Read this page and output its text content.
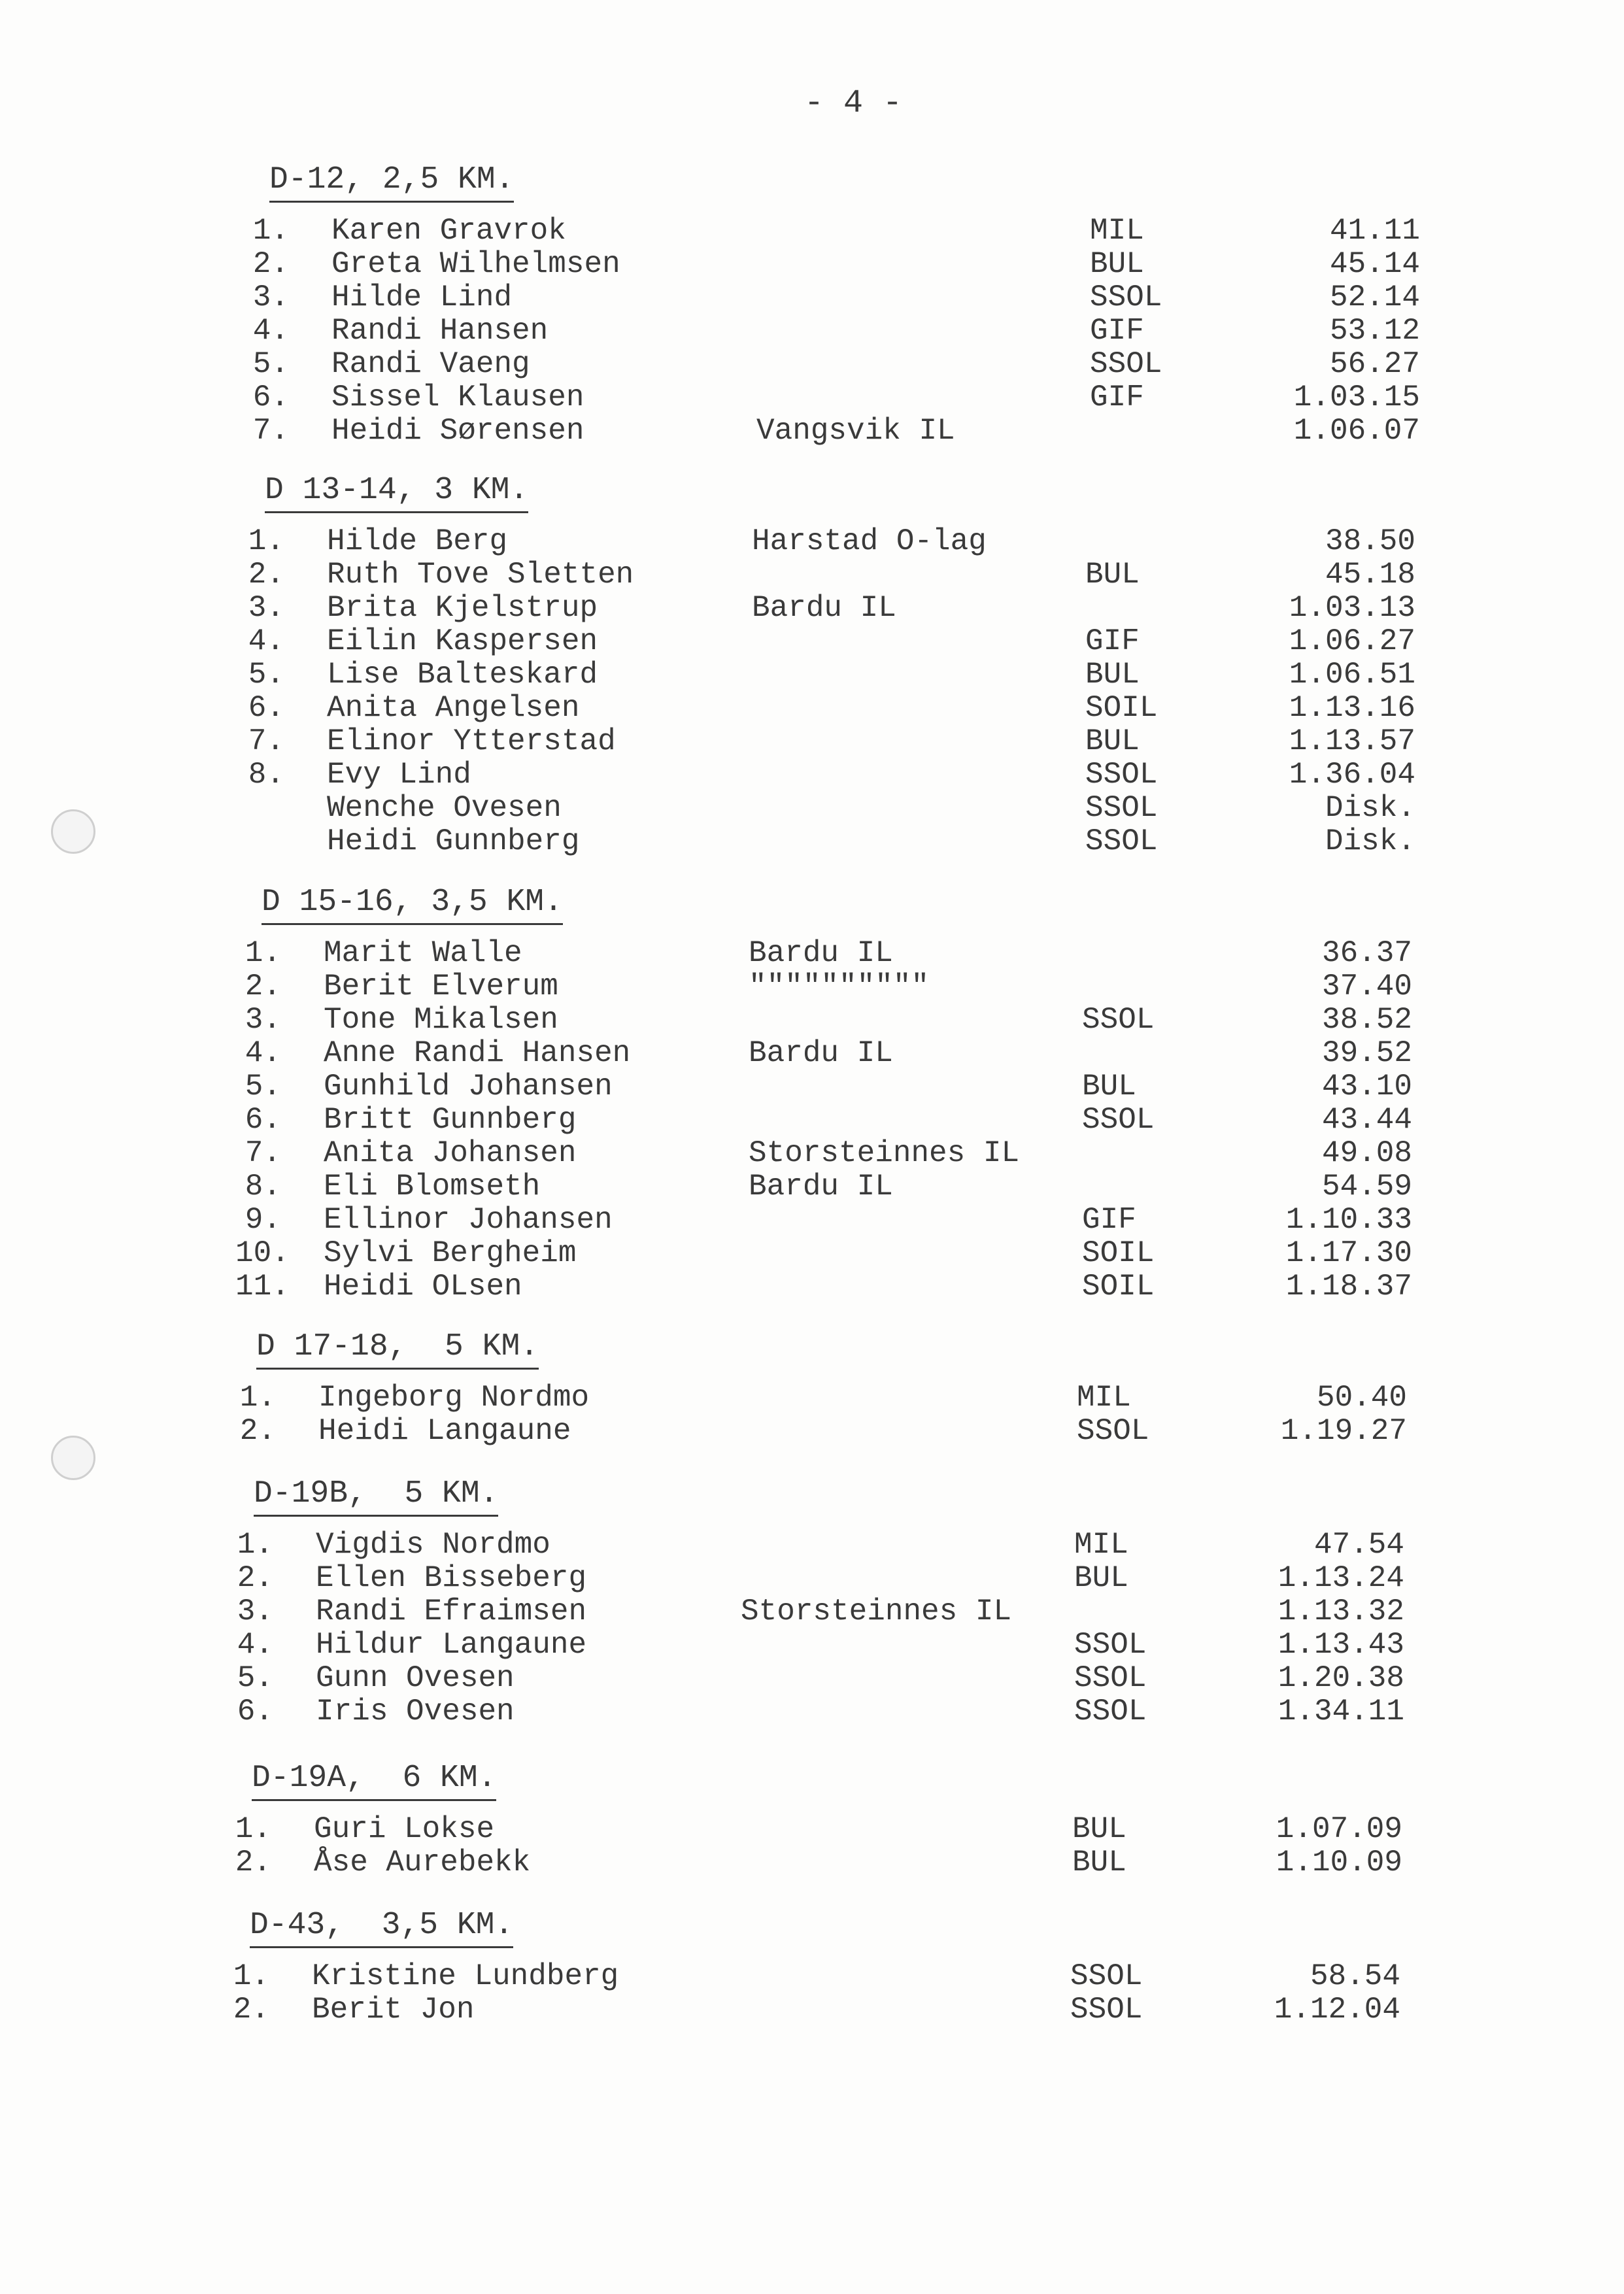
- 4 -
D-12, 2,5 KM.
1. Karen Gravrok	MIL	41.11
2. Greta Wilhelmsen	BUL	45.14
3. Hilde Lind	SSOL	52.14
4. Randi Hansen	GIF	53.12
5. Randi Vaeng	SSOL	56.27
6. Sissel Klausen	GIF	1.03.15
7. Heidi Sørensen	Vangsvik IL	1.06.07
D 13-14, 3 KM.
1. Hilde Berg	Harstad O-lag	38.50
2. Ruth Tove Sletten	BUL	45.18
3. Brita Kjelstrup	Bardu IL	1.03.13
4. Eilin Kaspersen	GIF	1.06.27
5. Lise Balteskard	BUL	1.06.51
6. Anita Angelsen	SOIL	1.13.16
7. Elinor Ytterstad	BUL	1.13.57
8. Evy Lind	SSOL	1.36.04
Wenche Ovesen	SSOL	Disk.
Heidi Gunnberg	SSOL	Disk.
D 15-16, 3,5 KM.
1. Marit Walle	Bardu IL	36.37
2. Berit Elverum	""""""""""	37.40
3. Tone Mikalsen	SSOL	38.52
4. Anne Randi Hansen	Bardu IL	39.52
5. Gunhild Johansen	BUL	43.10
6. Britt Gunnberg	SSOL	43.44
7. Anita Johansen	Storsteinnes IL	49.08
8. Eli Blomseth	Bardu IL	54.59
9. Ellinor Johansen	GIF	1.10.33
10. Sylvi Bergheim	SOIL	1.17.30
11. Heidi OLsen	SOIL	1.18.37
D 17-18,  5 KM.
1. Ingeborg Nordmo	MIL	50.40
2. Heidi Langaune	SSOL	1.19.27
D-19B,  5 KM.
1. Vigdis Nordmo	MIL	47.54
2. Ellen Bisseberg	BUL	1.13.24
3. Randi Efraimsen	Storsteinnes IL	1.13.32
4. Hildur Langaune	SSOL	1.13.43
5. Gunn Ovesen	SSOL	1.20.38
6. Iris Ovesen	SSOL	1.34.11
D-19A,  6 KM.
1. Guri Lokse	BUL	1.07.09
2. Åse Aurebekk	BUL	1.10.09
D-43,  3,5 KM.
1. Kristine Lundberg	SSOL	58.54
2. Berit Jon	SSOL	1.12.04
